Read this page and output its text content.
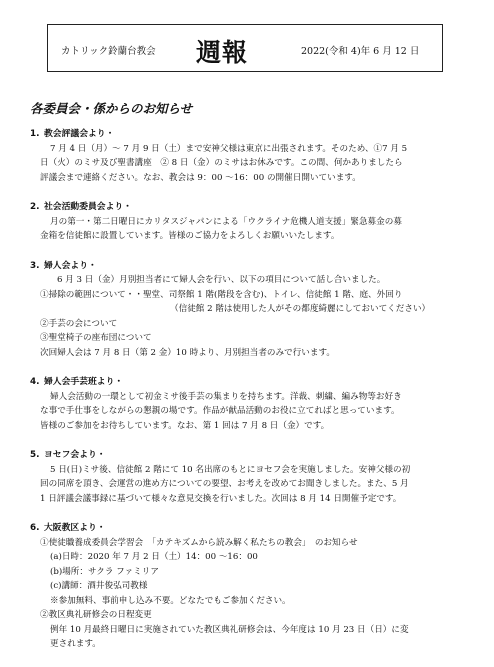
カトリック鈴蘭台教会 週報	2022(令和 4)年 6 月 12 日
各委員会・係からのお知らせ
1. 教会評議会より・
7 月 4 日（月）〜 7 月 9 日（土）まで安神父様は東京に出張されます。そのため、①7 月 5
日（火）のミサ及び聖書講座　② 8 日（金）のミサはお休みです。この間、何かありましたら
評議会まで連絡ください。なお、教会は 9：00 〜16：00 の開催日開いています。
2. 社会活動委員会より・
月の第一・第二日曜日にカリタスジャパンによる「ウクライナ危機人道支援」緊急募金の募
金箱を信徒館に設置しています。皆様のご協力をよろしくお願いいたします。
3. 婦人会より・
6 月 3 日（金）月別担当者にて婦人会を行い、以下の項目について話し合いました。
①掃除の範囲について・・聖堂、司祭館 1 階(階段を含む)、トイレ、信徒館 1 階、庭、外回り
（信徒館 2 階は使用した人がその都度綺麗にしておいてください）
②手芸の会について
③聖堂椅子の座布団について
次回婦人会は 7 月 8 日（第 2 金）10 時より、月別担当者のみで行います。
4. 婦人会手芸班より・
婦人会活動の一環として初金ミサ後手芸の集まりを持ちます。洋裁、刺繍、編み物等お好き
な事で手仕事をしながらの懇親の場です。作品が献品活動のお役に立てればと思っています。
皆様のご参加をお待ちしています。なお、第 1 回は 7 月 8 日（金）です。
5. ヨセフ会より・
5 日(日)ミサ後、信徒館 2 階にて 10 名出席のもとにヨセフ会を実施しました。安神父様の初
回の同席を頂き、会運営の進め方についての要望、お考えを改めてお聞きしました。また、5 月
1 日評議会議事録に基づいて様々な意見交換を行いました。次回は 8 月 14 日開催予定です。
6. 大阪教区より・
①使徒職養成委員会学習会　「カテキズムから読み解く私たちの教会」　のお知らせ
(a)日時：2020 年 7 月 2 日（土）14：00 〜16：00
(b)場所：サクラ ファミリア
(c)講師：酒井俊弘司教様
※参加無料、事前申し込み不要。どなたでもご参加ください。
②教区典礼研修会の日程変更
例年 10 月最終日曜日に実施されていた教区典礼研修会は、今年度は 10 月 23 日（日）に変
更されます。
